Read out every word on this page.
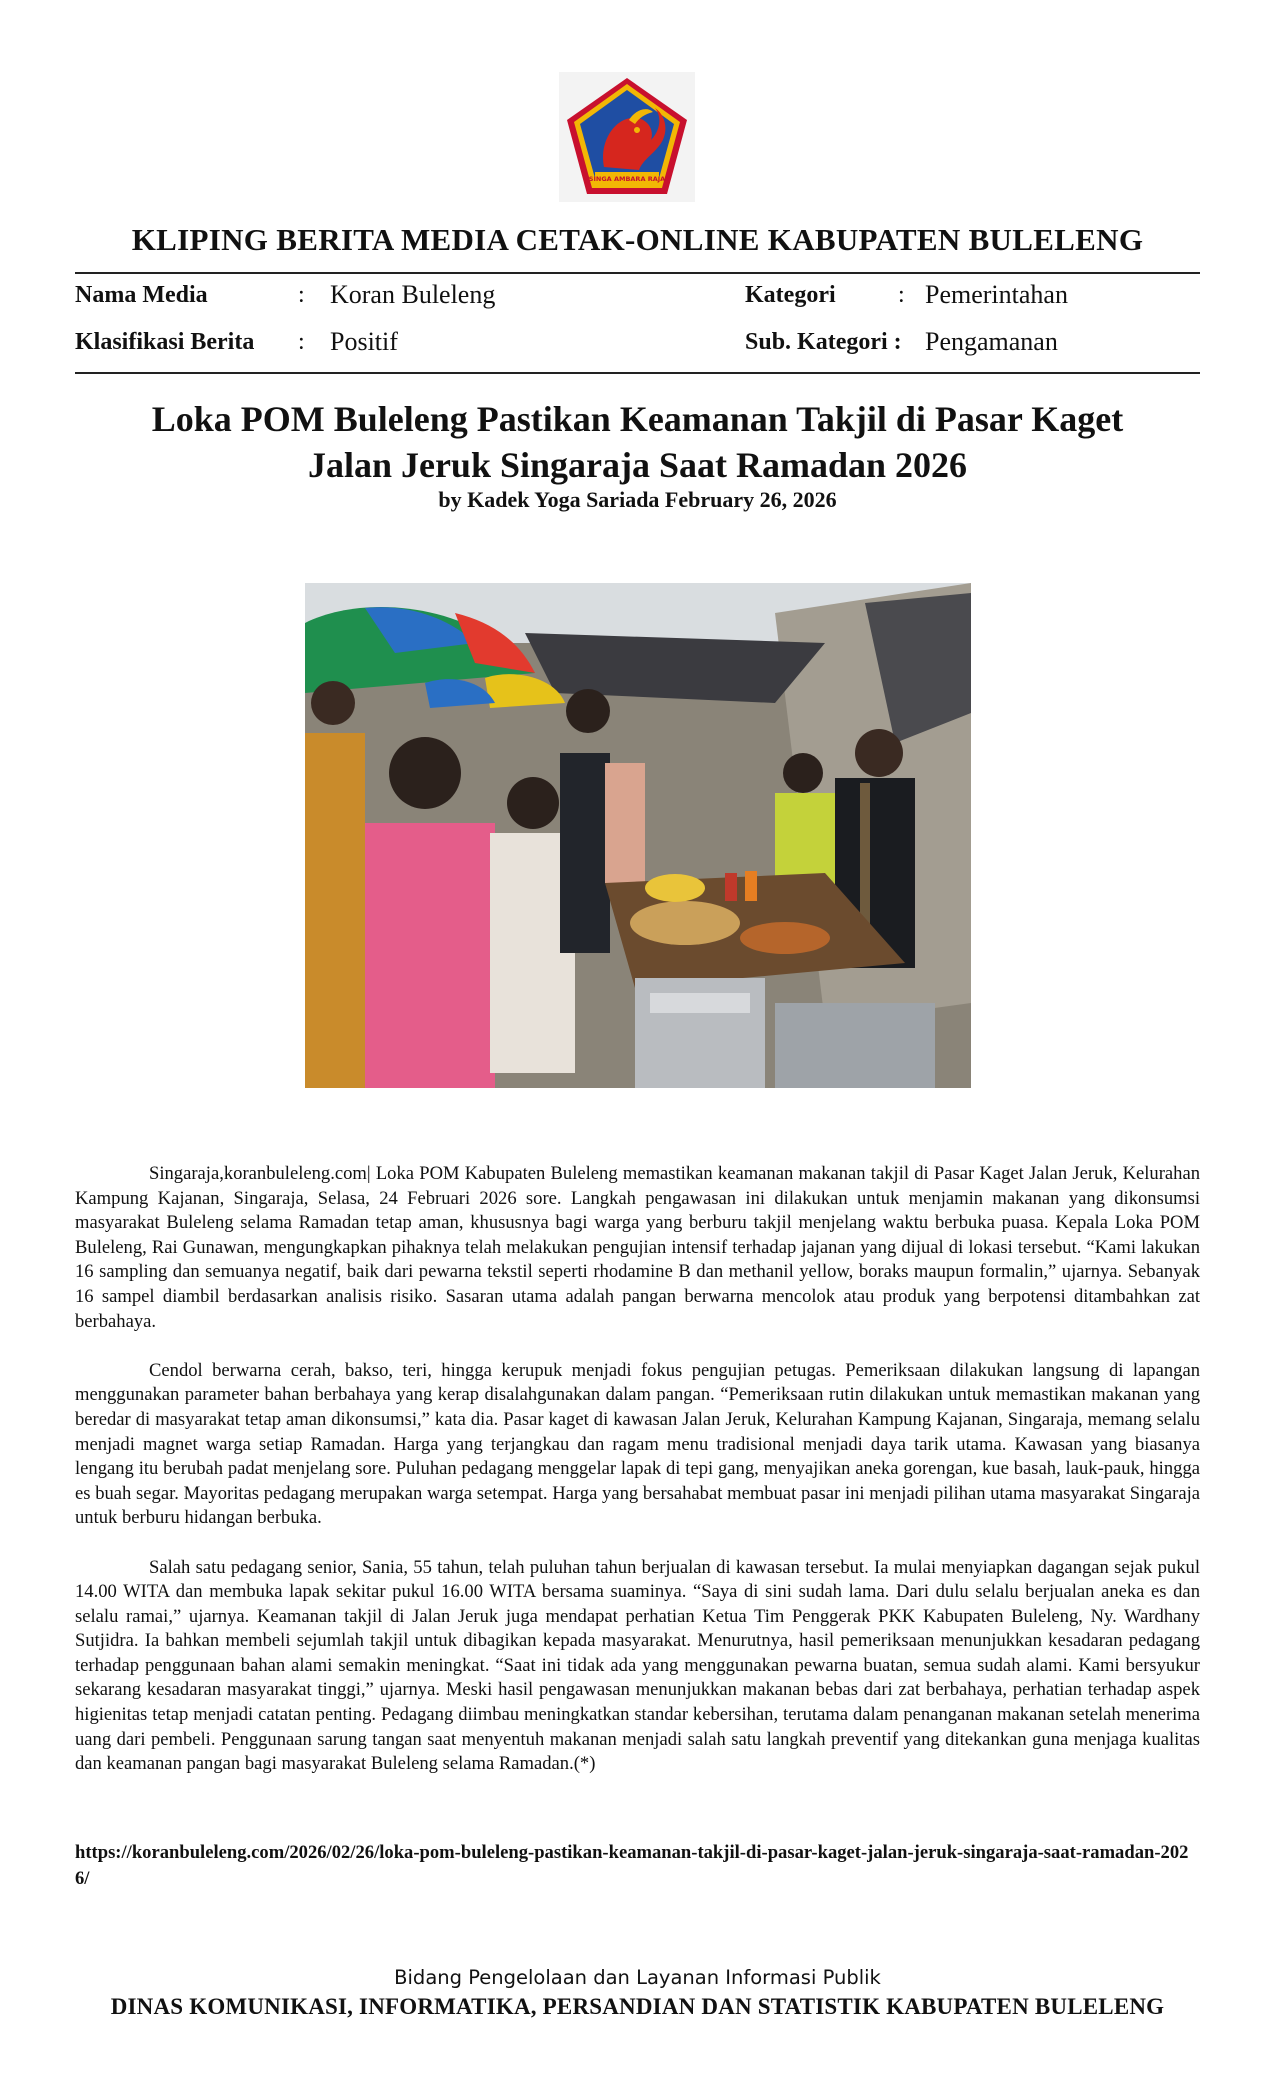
SINGA AMBARA RAJA
KLIPING BERITA MEDIA CETAK-ONLINE KABUPATEN BULELENG
Nama Media	: Koran Buleleng	Kategori	: Pemerintahan
Klasifikasi Berita : Positif	Sub. Kategori : Pengamanan
Loka POM Buleleng Pastikan Keamanan Takjil di Pasar Kaget
Jalan Jeruk Singaraja Saat Ramadan 2026
by Kadek Yoga Sariada February 26, 2026

Singaraja,koranbuleleng.com| Loka POM Kabupaten Buleleng memastikan keamanan makanan takjil di Pasar Kaget Jalan Jeruk, Kelurahan Kampung Kajanan, Singaraja, Selasa, 24 Februari 2026 sore. Langkah pengawasan ini dilakukan untuk menjamin makanan yang dikonsumsi masyarakat Buleleng selama Ramadan tetap aman, khususnya bagi warga yang berburu takjil menjelang waktu berbuka puasa. Kepala Loka POM Buleleng, Rai Gunawan, mengungkapkan pihaknya telah melakukan pengujian intensif terhadap jajanan yang dijual di lokasi tersebut. “Kami lakukan 16 sampling dan semuanya negatif, baik dari pewarna tekstil seperti rhodamine B dan methanil yellow, boraks maupun formalin,” ujarnya. Sebanyak 16 sampel diambil berdasarkan analisis risiko. Sasaran utama adalah pangan berwarna mencolok atau produk yang berpotensi ditambahkan zat berbahaya.

Cendol berwarna cerah, bakso, teri, hingga kerupuk menjadi fokus pengujian petugas. Pemeriksaan dilakukan langsung di lapangan menggunakan parameter bahan berbahaya yang kerap disalahgunakan dalam pangan. “Pemeriksaan rutin dilakukan untuk memastikan makanan yang beredar di masyarakat tetap aman dikonsumsi,” kata dia. Pasar kaget di kawasan Jalan Jeruk, Kelurahan Kampung Kajanan, Singaraja, memang selalu menjadi magnet warga setiap Ramadan. Harga yang terjangkau dan ragam menu tradisional menjadi daya tarik utama. Kawasan yang biasanya lengang itu berubah padat menjelang sore. Puluhan pedagang menggelar lapak di tepi gang, menyajikan aneka gorengan, kue basah, lauk-pauk, hingga es buah segar. Mayoritas pedagang merupakan warga setempat. Harga yang bersahabat membuat pasar ini menjadi pilihan utama masyarakat Singaraja untuk berburu hidangan berbuka.

Salah satu pedagang senior, Sania, 55 tahun, telah puluhan tahun berjualan di kawasan tersebut. Ia mulai menyiapkan dagangan sejak pukul 14.00 WITA dan membuka lapak sekitar pukul 16.00 WITA bersama suaminya. “Saya di sini sudah lama. Dari dulu selalu berjualan aneka es dan selalu ramai,” ujarnya. Keamanan takjil di Jalan Jeruk juga mendapat perhatian Ketua Tim Penggerak PKK Kabupaten Buleleng, Ny. Wardhany Sutjidra. Ia bahkan membeli sejumlah takjil untuk dibagikan kepada masyarakat. Menurutnya, hasil pemeriksaan menunjukkan kesadaran pedagang terhadap penggunaan bahan alami semakin meningkat. “Saat ini tidak ada yang menggunakan pewarna buatan, semua sudah alami. Kami bersyukur sekarang kesadaran masyarakat tinggi,” ujarnya. Meski hasil pengawasan menunjukkan makanan bebas dari zat berbahaya, perhatian terhadap aspek higienitas tetap menjadi catatan penting. Pedagang diimbau meningkatkan standar kebersihan, terutama dalam penanganan makanan setelah menerima uang dari pembeli. Penggunaan sarung tangan saat menyentuh makanan menjadi salah satu langkah preventif yang ditekankan guna menjaga kualitas dan keamanan pangan bagi masyarakat Buleleng selama Ramadan.(*)

https://koranbuleleng.com/2026/02/26/loka-pom-buleleng-pastikan-keamanan-takjil-di-pasar-kaget-jalan-jeruk-singaraja-saat-ramadan-2026/
Bidang Pengelolaan dan Layanan Informasi Publik
DINAS KOMUNIKASI, INFORMATIKA, PERSANDIAN DAN STATISTIK KABUPATEN BULELENG
